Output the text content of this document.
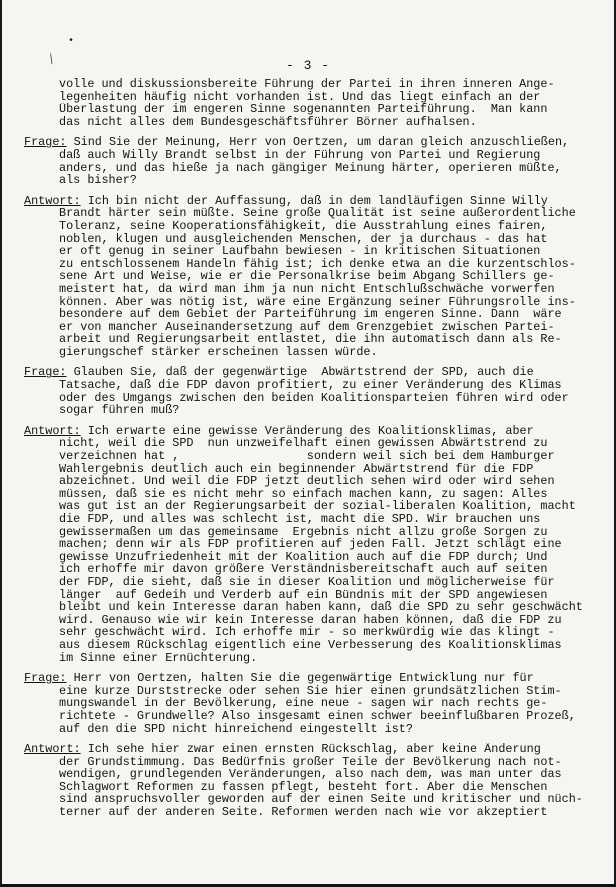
⁄
•
- 3 -
volle und diskussionsbereite Führung der Partei in ihren inneren Ange-
legenheiten häufig nicht vorhanden ist. Und das liegt einfach an der
Überlastung der im engeren Sinne sogenannten Parteiführung.  Man kann
das nicht alles dem Bundesgeschäftsführer Börner aufhalsen.
Frage: Sind Sie der Meinung, Herr von Oertzen, um daran gleich anzuschließen,
daß auch Willy Brandt selbst in der Führung von Partei und Regierung
anders, und das hieße ja nach gängiger Meinung härter, operieren müßte,
als bisher?
Antwort: Ich bin nicht der Auffassung, daß in dem landläufigen Sinne Willy
Brandt härter sein müßte. Seine große Qualität ist seine außerordentliche
Toleranz, seine Kooperationsfähigkeit, die Ausstrahlung eines fairen,
noblen, klugen und ausgleichenden Menschen, der ja durchaus - das hat
er oft genug in seiner Laufbahn bewiesen - in kritischen Situationen
zu entschlossenem Handeln fähig ist; ich denke etwa an die kurzentschlos-
sene Art und Weise, wie er die Personalkrise beim Abgang Schillers ge-
meistert hat, da wird man ihm ja nun nicht Entschlußschwäche vorwerfen
können. Aber was nötig ist, wäre eine Ergänzung seiner Führungsrolle ins-
besondere auf dem Gebiet der Parteiführung im engeren Sinne. Dann  wäre
er von mancher Auseinandersetzung auf dem Grenzgebiet zwischen Partei-
arbeit und Regierungsarbeit entlastet, die ihn automatisch dann als Re-
gierungschef stärker erscheinen lassen würde.
Frage: Glauben Sie, daß der gegenwärtige  Abwärtstrend der SPD, auch die
Tatsache, daß die FDP davon profitiert, zu einer Veränderung des Klimas
oder des Umgangs zwischen den beiden Koalitionsparteien führen wird oder
sogar führen muß?
Antwort: Ich erwarte eine gewisse Veränderung des Koalitionsklimas, aber
nicht, weil die SPD  nun unzweifelhaft einen gewissen Abwärtstrend zu
verzeichnen hat ,                  sondern weil sich bei dem Hamburger
Wahlergebnis deutlich auch ein beginnender Abwärtstrend für die FDP
abzeichnet. Und weil die FDP jetzt deutlich sehen wird oder wird sehen
müssen, daß sie es nicht mehr so einfach machen kann, zu sagen: Alles
was gut ist an der Regierungsarbeit der sozial-liberalen Koalition, macht
die FDP, und alles was schlecht ist, macht die SPD. Wir brauchen uns
gewissermaßen um das gemeinsame  Ergebnis nicht allzu große Sorgen zu
machen; denn wir als FDP profitieren auf jeden Fall. Jetzt schlägt eine
gewisse Unzufriedenheit mit der Koalition auch auf die FDP durch; Und
ich erhoffe mir davon größere Verständnisbereitschaft auch auf seiten
der FDP, die sieht, daß sie in dieser Koalition und möglicherweise für
länger  auf Gedeih und Verderb auf ein Bündnis mit der SPD angewiesen
bleibt und kein Interesse daran haben kann, daß die SPD zu sehr geschwächt
wird. Genauso wie wir kein Interesse daran haben können, daß die FDP zu
sehr geschwächt wird. Ich erhoffe mir - so merkwürdig wie das klingt -
aus diesem Rückschlag eigentlich eine Verbesserung des Koalitionsklimas
im Sinne einer Ernüchterung.
Frage: Herr von Oertzen, halten Sie die gegenwärtige Entwicklung nur für
eine kurze Durststrecke oder sehen Sie hier einen grundsätzlichen Stim-
mungswandel in der Bevölkerung, eine neue - sagen wir nach rechts ge-
richtete - Grundwelle? Also insgesamt einen schwer beeinflußbaren Prozeß,
auf den die SPD nicht hinreichend eingestellt ist?
Antwort: Ich sehe hier zwar einen ernsten Rückschlag, aber keine Änderung
der Grundstimmung. Das Bedürfnis großer Teile der Bevölkerung nach not-
wendigen, grundlegenden Veränderungen, also nach dem, was man unter das
Schlagwort Reformen zu fassen pflegt, besteht fort. Aber die Menschen
sind anspruchsvoller geworden auf der einen Seite und kritischer und nüch-
terner auf der anderen Seite. Reformen werden nach wie vor akzeptiert
